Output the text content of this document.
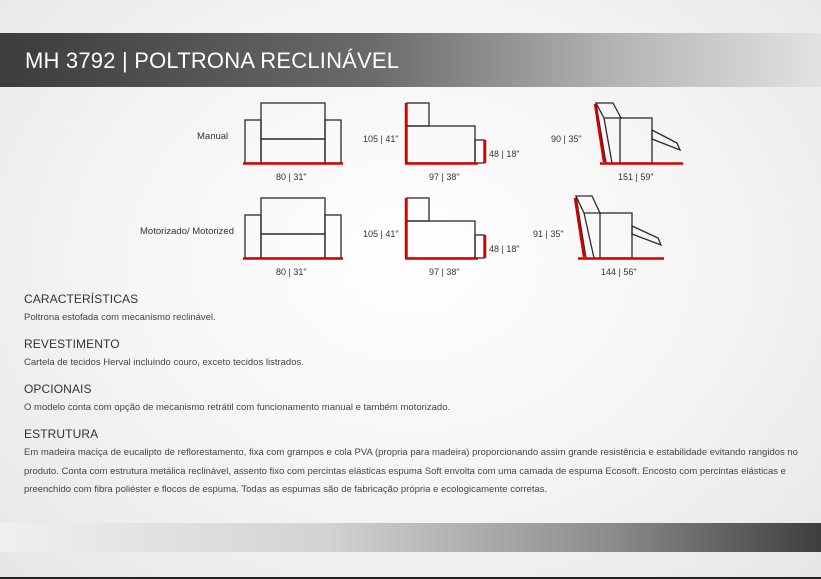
MH 3792 | POLTRONA RECLINÁVEL
Manual
80 | 31"
105 | 41"
97 | 38"
48 | 18"
90 | 35"
151 | 59"
Motorizado/ Motorized
80 | 31"
105 | 41"
97 | 38"
48 | 18"
91 | 35"
144 | 56"
CARACTERÍSTICAS

Poltrona estofada com mecanismo reclinável.

REVESTIMENTO

Cartela de tecidos Herval incluindo couro, exceto tecidos listrados.

OPCIONAIS

O modelo conta com opção de mecanismo retrátil com funcionamento manual e também motorizado.

ESTRUTURA

Em madeira maciça de eucalipto de reflorestamento, fixa com grampos e cola PVA (propria para madeira) proporcionando assim grande resistência e estabilidade evitando rangidos no produto. Conta com estrutura metálica reclinável, assento fixo com percintas elásticas espuma Soft envolta com uma camada de espuma Ecosoft. Encosto com percintas elásticas e preenchido com fibra poliéster e flocos de espuma. Todas as espumas são de fabricação própria e ecologicamente corretas.
